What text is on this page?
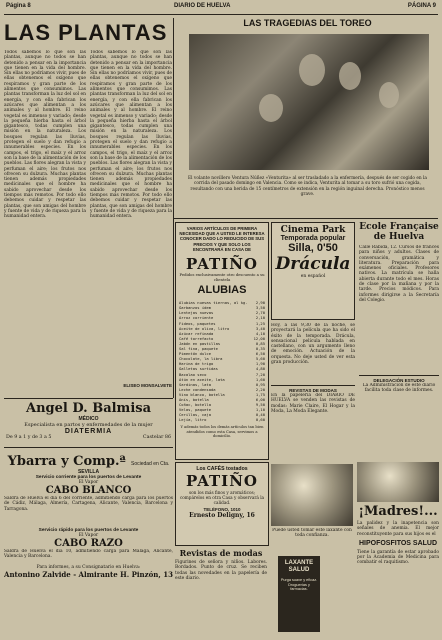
Página 8	DIARIO DE HUELVA	PÁGINA 9
LAS PLANTAS
Todos sabemos lo que son las plantas, aunque no todos se han detenido a pensar en la importancia que tienen en la vida del hombre. Sin ellas no podríamos vivir, pues de ellas obtenemos el oxígeno que respiramos y gran parte de los alimentos que consumimos. Las plantas transforman la luz del sol en energía, y con ella fabrican los azúcares que alimentan a los animales y al hombre. El reino vegetal es inmenso y variado; desde la pequeña hierba hasta el árbol gigantesco, todas cumplen una misión en la naturaleza. Los bosques regulan las lluvias, protegen el suelo y dan refugio a innumerables especies. En los campos, el trigo, el maíz y el arroz son la base de la alimentación de los pueblos. Las flores alegran la vista y perfuman el aire; los frutos nos ofrecen su dulzura. Muchas plantas tienen además propiedades medicinales que el hombre ha sabido aprovechar desde los tiempos más remotos. Por todo ello debemos cuidar y respetar las plantas, que son amigas del hombre y fuente de vida y de riqueza para la humanidad entera.
Todos sabemos lo que son las plantas, aunque no todos se han detenido a pensar en la importancia que tienen en la vida del hombre. Sin ellas no podríamos vivir, pues de ellas obtenemos el oxígeno que respiramos y gran parte de los alimentos que consumimos. Las plantas transforman la luz del sol en energía, y con ella fabrican los azúcares que alimentan a los animales y al hombre. El reino vegetal es inmenso y variado; desde la pequeña hierba hasta el árbol gigantesco, todas cumplen una misión en la naturaleza. Los bosques regulan las lluvias, protegen el suelo y dan refugio a innumerables especies. En los campos, el trigo, el maíz y el arroz son la base de la alimentación de los pueblos. Las flores alegran la vista y perfuman el aire; los frutos nos ofrecen su dulzura. Muchas plantas tienen además propiedades medicinales que el hombre ha sabido aprovechar desde los tiempos más remotos. Por todo ello debemos cuidar y respetar las plantas, que son amigas del hombre y fuente de vida y de riqueza para la humanidad entera.
ELISEO MONSALVETE
LAS TRAGEDIAS DEL TOREO
El volante novillero Ventura Núñez «Venturita» al ser trasladado a la enfermería, después de ser cogido en la corrida del pasado domingo en Valencia. Como se indica, Venturita al tomar a su toro sufrió una cogida, resultando con una herida de 15 centímetros de extensión en la región inguinal derecha. Pronóstico menos grave.
VARIOS ARTÍCULOS DE PRIMERA NECESIDAD QUE A USTED LE INTERESA CONOCER DADO LO REDUCIDO DE SUS PRECIOS Y QUE SOLO LOS ENCONTRARÁ EN CASA DE
PATIÑO
Pedidos exclusivamente otro descuento a su clientela
ALUBIAS
Alubias nuevas tiernas, al kg. 2,90
Garbanzos ídem	3,50
Lentejas nuevas	2,70
Arroz corriente	2,10
Fideos, paquetes	1,25
Aceite de oliva, litro	3,40
Azúcar refinada	4,10
Café torrefacto	12,00
Jabón en pastillas	0,85
Sal fina, paquete	0,35
Pimentón dulce	6,50
Chocolate, la libra	5,60
Harina de trigo	1,90
Galletas surtidas	4,80
Bacalao seco	7,20
Atún en aceite, lata	1,60
Sardinas, lata	0,95
Leche condensada	2,20
Vino blanco, botella	1,75
Anís, botella	6,00
Coñac, botella	9,50
Velas, paquete	1,10
Cerillas, caja	0,40
Lejía, litro	0,60
Y además todos los demás artículos tan bien atendidos como esta Casa, servimos a domicilio.
Cinema Park
Temporada popular
Silla, 0'50
Drácula
en español
Hoy, a las 9,30 de la noche, se proyectará la película que ha sido el éxito de la temporada. Drácula, sensacional película hablada en castellano, con un argumento lleno de emoción. Actuación de la orquesta. No deje usted de ver esta gran producción.
REVISTAS DE MODAS
En la papelería del DIARIO DE HUELVA se venden las revistas de modas: Marie Claire, El Hogar y la Moda, La Moda Elegante.
Ecole Française de Huelva
Calle Rábida, 12. Cursos de francés para niños y adultos. Clases de conversación, gramática y literatura. Preparación para exámenes oficiales. Profesores nativos. La matrícula se halla abierta durante todo el mes. Horas de clase por la mañana y por la tarde. Precios módicos. Para informes dirigirse a la Secretaría del Colegio.
DELEGACIÓN ESTUDIO
La Administración de este diario facilita toda clase de informes.
Angel D. Balmisa
MÉDICO
Especialista en partos y enfermedades de la mujer
DIATERMIA
De 9 a 1 y de 3 a 5	Castelar 86
Ybarra y Comp.ª Sociedad en Cta.
SEVILLA
Servicio corriente para los puertos de Levante
El Vapor
CABO BLANCO
Saldrá de Huelva el día 6 del corriente, admitiendo carga para los puertos de Cádiz, Málaga, Almería, Cartagena, Alicante, Valencia, Barcelona y Tarragona.
Servicio rápido para los puertos de Levante
El Vapor
CABO RAZO
Saldrá de Huelva el día 10, admitiendo carga para Málaga, Alicante, Valencia y Barcelona.
Para informes, a su Consignatario en Huelva:
Antonino Zalvide - Almirante H. Pinzón, 13
Los CAFÉS tostados
PATIÑO
son los más finos y aromáticos; compárelos en otra Casa y observará la calidad.
TELÉFONO, 1010
Ernesto Deligny, 16
Revistas de modas
Figurines de señora y niños. Labores. Bordados. Punto de cruz. Se reciben todas las novedades en la papelería de este diario.
Puede usted tomar este laxante con toda confianza.
LAXANTE SALUD
Purga suave y eficaz. Droguerías y farmacias.
¡Madres!...
La palidez y la inapetencia son señales de anemia. El mejor reconstituyente para sus hijos es el
HIPOFOSFITOS SALUD
Tiene la garantía de estar aprobado por la Academia de Medicina para combatir el raquitismo.
